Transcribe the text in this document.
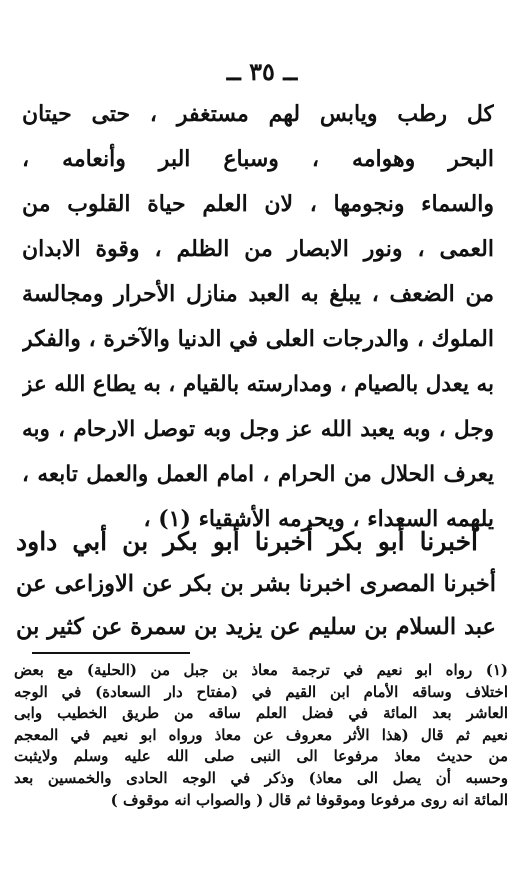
ــ ٣٥ ــ
كل رطب ويابس لهم مستغفر ، حتى حيتان
البحر وهوامه ، وسباع البر وأنعامه ،
والسماء ونجومها ، لان العلم حياة القلوب من
العمى ، ونور الابصار من الظلم ، وقوة الابدان
من الضعف ، يبلغ به العبد منازل الأحرار ومجالسة
الملوك ، والدرجات العلى في الدنيا والآخرة ، والفكر
به يعدل بالصيام ، ومدارسته بالقيام ، به يطاع الله عز
وجل ، وبه يعبد الله عز وجل وبه توصل الارحام ، وبه
يعرف الحلال من الحرام ، امام العمل والعمل تابعه ،
يلهمه السعداء ، ويحرمه الأشقياء (١) ،
أخبرنا أبو بكر أخبرنا أبو بكر بن أبي داود
أخبرنا المصرى اخبرنا بشر بن بكر عن الاوزاعى عن
عبد السلام بن سليم عن يزيد بن سمرة عن كثير بن
(١) رواه ابو نعيم في ترجمة معاذ بن جبل من (الحلية) مع بعض
اختلاف وساقه الأمام ابن القيم في (مفتاح دار السعادة) في الوجه
العاشر بعد المائة في فضل العلم ساقه من طريق الخطيب وابى
نعيم ثم قال (هذا الأثر معروف عن معاذ ورواه ابو نعيم في المعجم
من حديث معاذ مرفوعا الى النبى صلى الله عليه وسلم ولايثبت
وحسبه أن يصل الى معاذ) وذكر في الوجه الحادى والخمسين بعد
المائة انه روى مرفوعا وموقوفا ثم قال ( والصواب انه موقوف )
